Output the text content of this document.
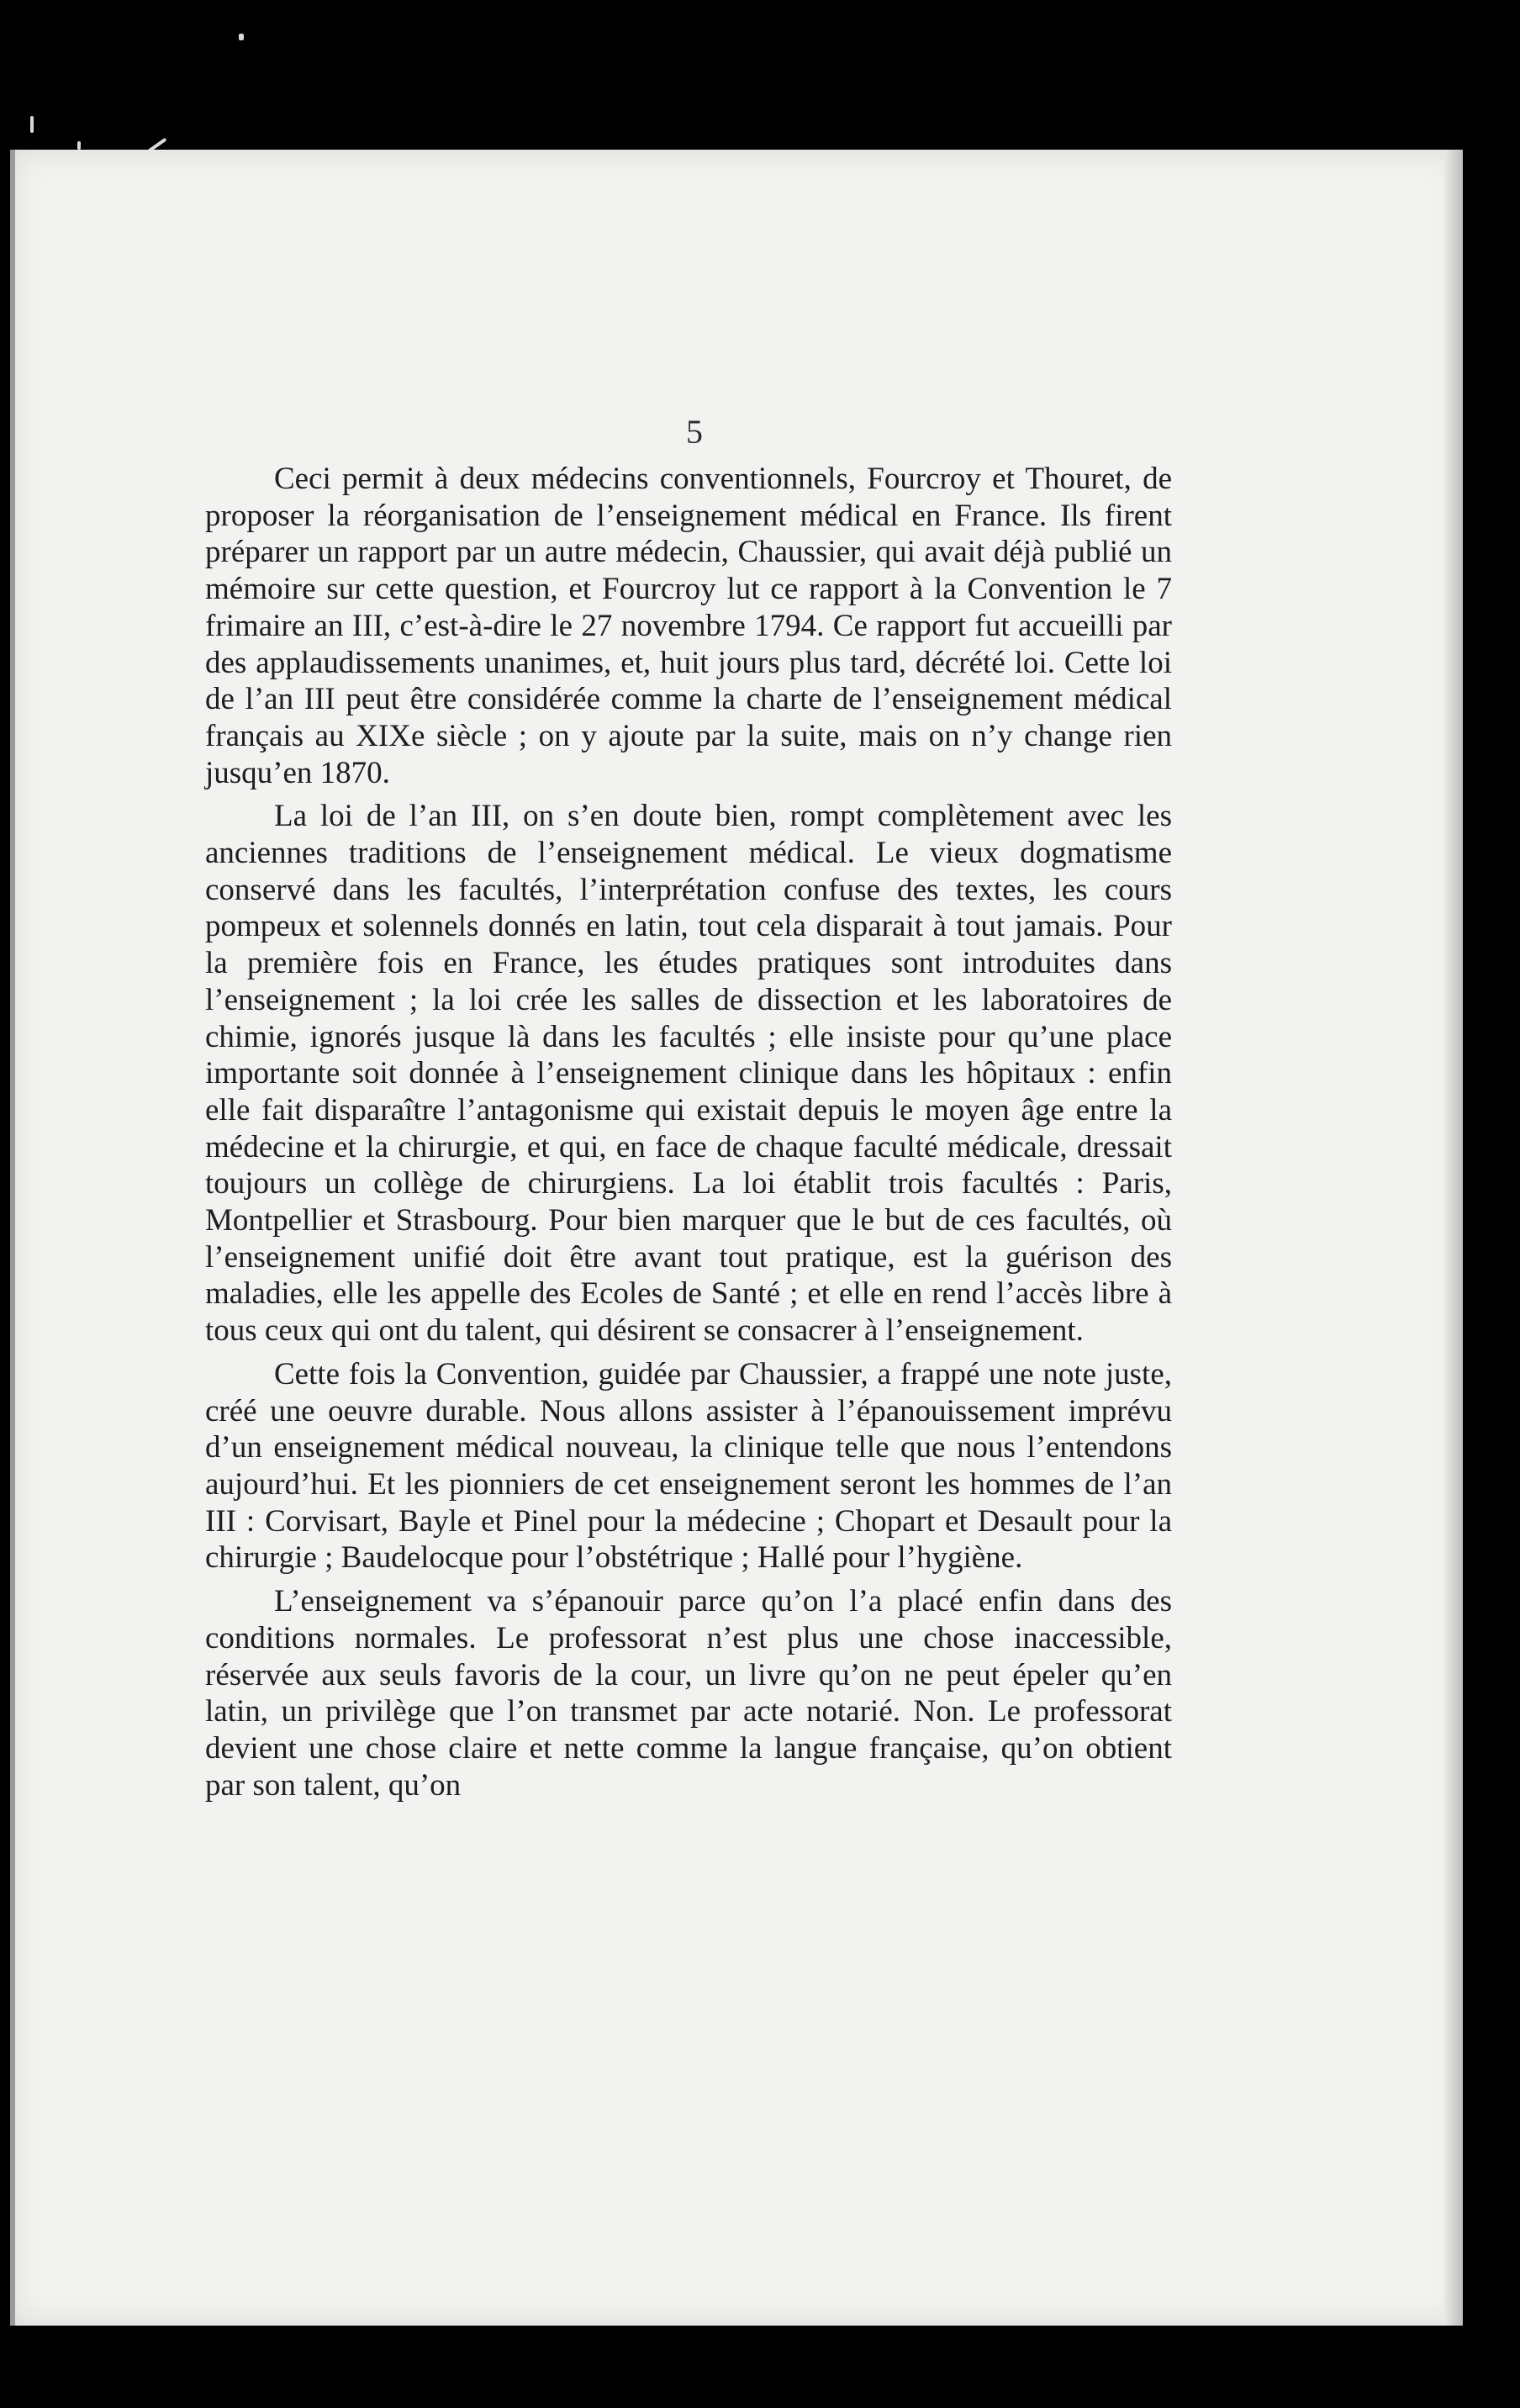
5

Ceci permit à deux médecins conventionnels, Fourcroy et Thouret, de proposer la réorganisation de l’enseignement médical en France. Ils firent préparer un rapport par un autre médecin, Chaussier, qui avait déjà publié un mémoire sur cette question, et Fourcroy lut ce rapport à la Convention le 7 frimaire an III, c’est-à-dire le 27 novembre 1794. Ce rapport fut accueilli par des applaudissements unanimes, et, huit jours plus tard, décrété loi. Cette loi de l’an III peut être considérée comme la charte de l’enseignement médical français au XIXe siècle ; on y ajoute par la suite, mais on n’y change rien jusqu’en 1870.

La loi de l’an III, on s’en doute bien, rompt complètement avec les anciennes traditions de l’enseignement médical. Le vieux dogmatisme conservé dans les facultés, l’interprétation confuse des textes, les cours pompeux et solennels donnés en latin, tout cela disparait à tout jamais. Pour la première fois en France, les études pratiques sont introduites dans l’enseignement ; la loi crée les salles de dissection et les laboratoires de chimie, ignorés jusque là dans les facultés ; elle insiste pour qu’une place importante soit donnée à l’enseignement clinique dans les hôpitaux : enfin elle fait disparaître l’antagonisme qui existait depuis le moyen âge entre la médecine et la chirurgie, et qui, en face de chaque faculté médicale, dressait toujours un collège de chirurgiens. La loi établit trois facultés : Paris, Montpellier et Strasbourg. Pour bien marquer que le but de ces facultés, où l’enseignement unifié doit être avant tout pratique, est la guérison des maladies, elle les appelle des Ecoles de Santé ; et elle en rend l’accès libre à tous ceux qui ont du talent, qui désirent se consacrer à l’enseignement.

Cette fois la Convention, guidée par Chaussier, a frappé une note juste, créé une oeuvre durable. Nous allons assister à l’épanouissement imprévu d’un enseignement médical nouveau, la clinique telle que nous l’entendons aujourd’hui. Et les pionniers de cet enseignement seront les hommes de l’an III : Corvisart, Bayle et Pinel pour la médecine ; Chopart et Desault pour la chirurgie ; Baudelocque pour l’obstétrique ; Hallé pour l’hygiène.

L’enseignement va s’épanouir parce qu’on l’a placé enfin dans des conditions normales. Le professorat n’est plus une chose inaccessible, réservée aux seuls favoris de la cour, un livre qu’on ne peut épeler qu’en latin, un privilège que l’on transmet par acte notarié. Non. Le professorat devient une chose claire et nette comme la langue française, qu’on obtient par son talent, qu’on
